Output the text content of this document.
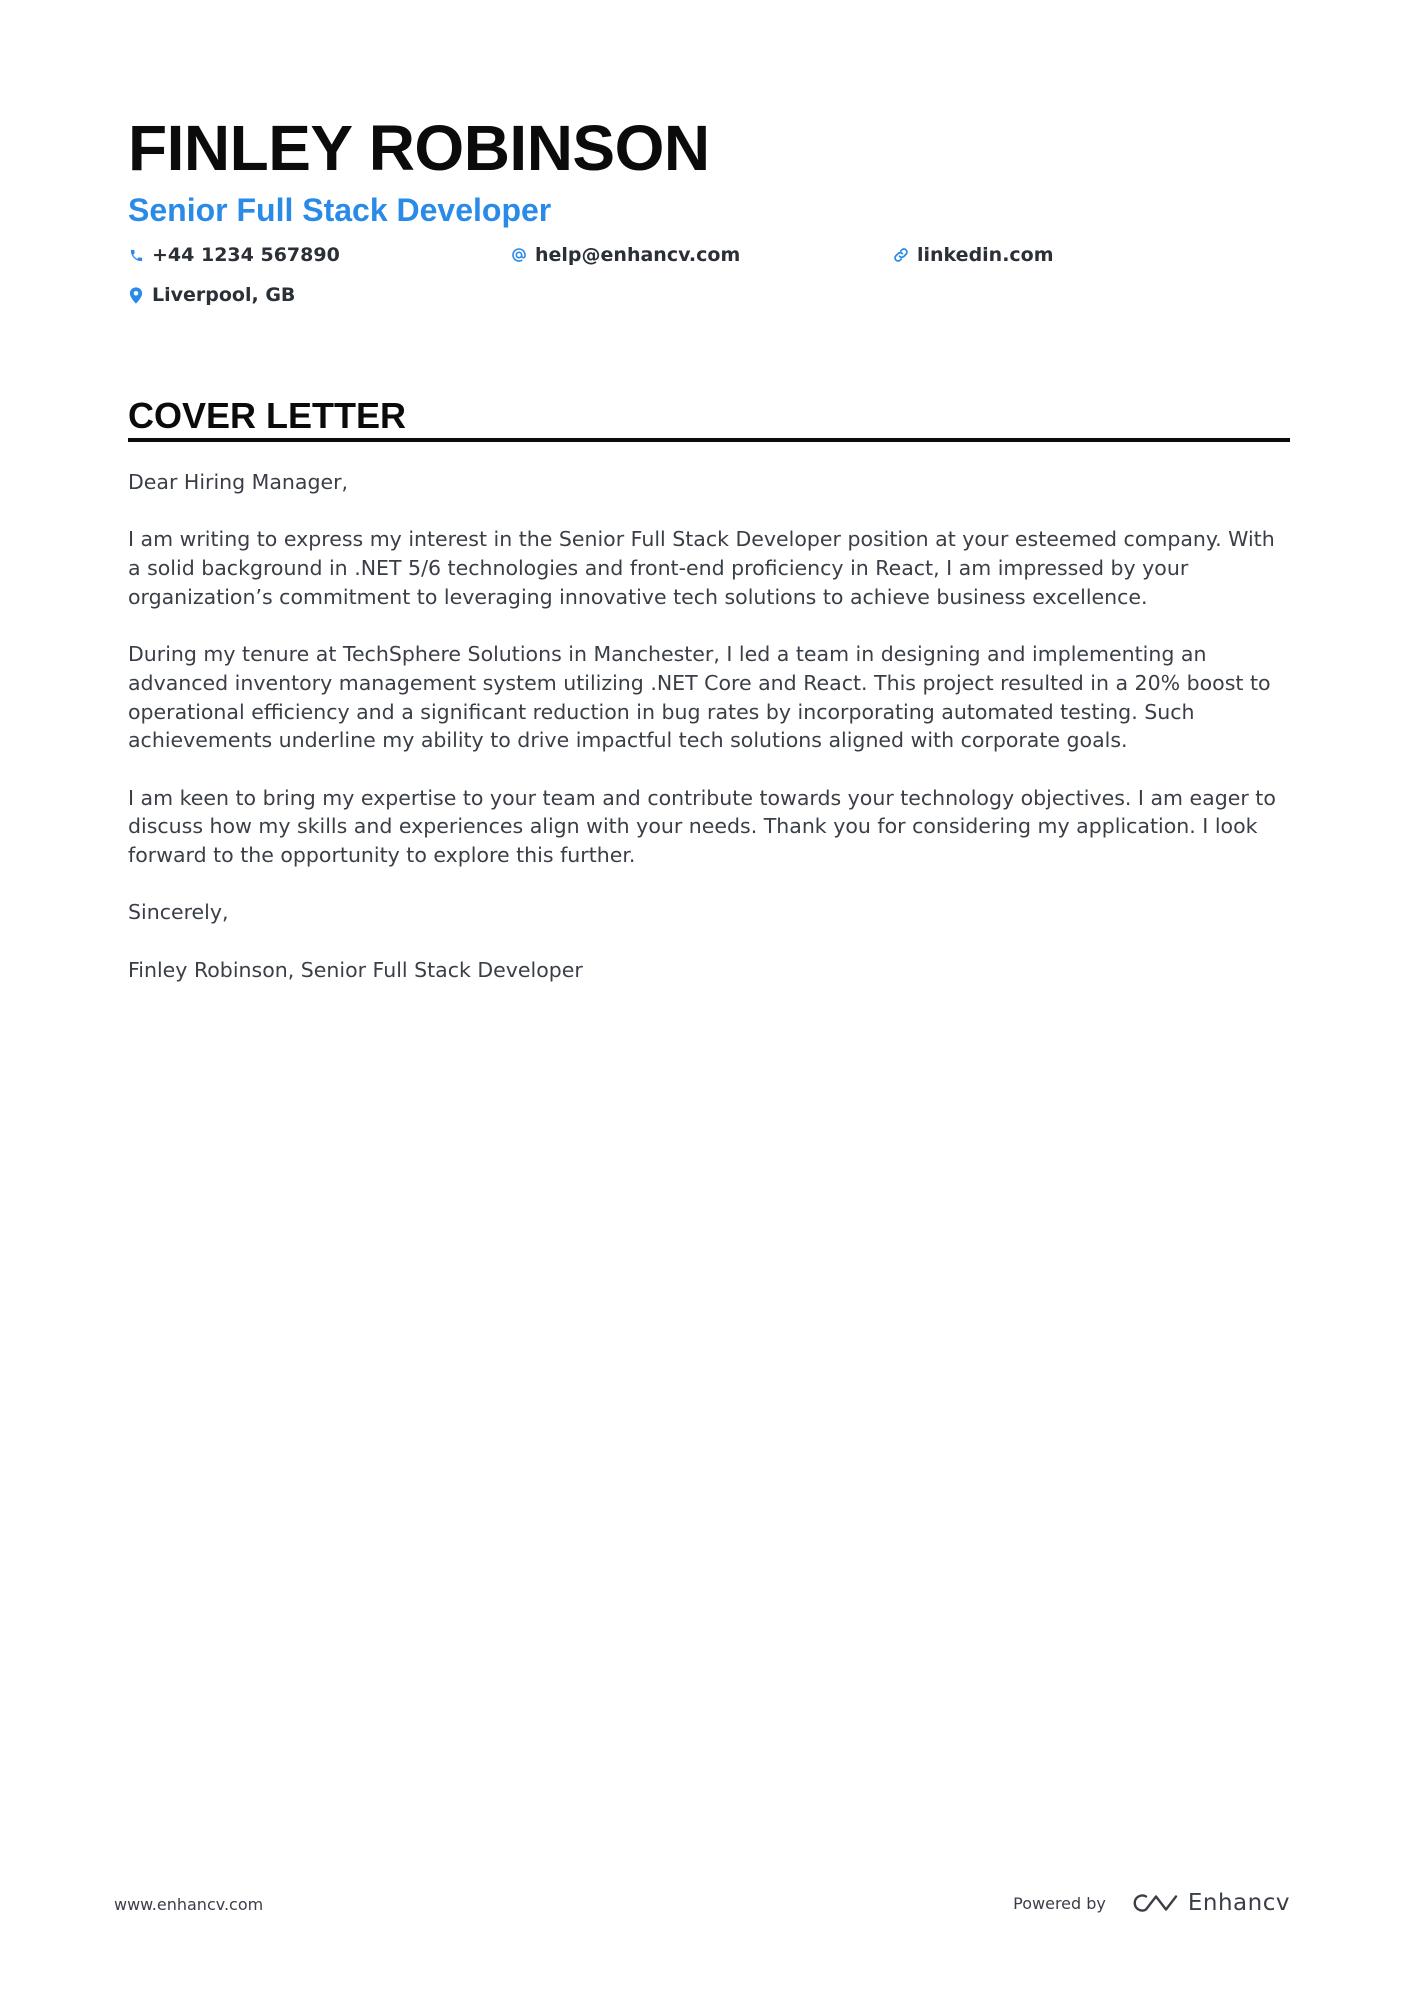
FINLEY ROBINSON
Senior Full Stack Developer
+44 1234 567890	help@enhancv.com	linkedin.com
Liverpool, GB
COVER LETTER

Dear Hiring Manager,

I am writing to express my interest in the Senior Full Stack Developer position at your esteemed company. With a solid background in .NET 5/6 technologies and front-end proficiency in React, I am impressed by your organization’s commitment to leveraging innovative tech solutions to achieve business excellence.

During my tenure at TechSphere Solutions in Manchester, I led a team in designing and implementing an advanced inventory management system utilizing .NET Core and React. This project resulted in a 20% boost to operational efficiency and a significant reduction in bug rates by incorporating automated testing. Such achievements underline my ability to drive impactful tech solutions aligned with corporate goals.

I am keen to bring my expertise to your team and contribute towards your technology objectives. I am eager to discuss how my skills and experiences align with your needs. Thank you for considering my application. I look forward to the opportunity to explore this further.

Sincerely,

Finley Robinson, Senior Full Stack Developer

www.enhancv.com	Powered by	Enhancv
